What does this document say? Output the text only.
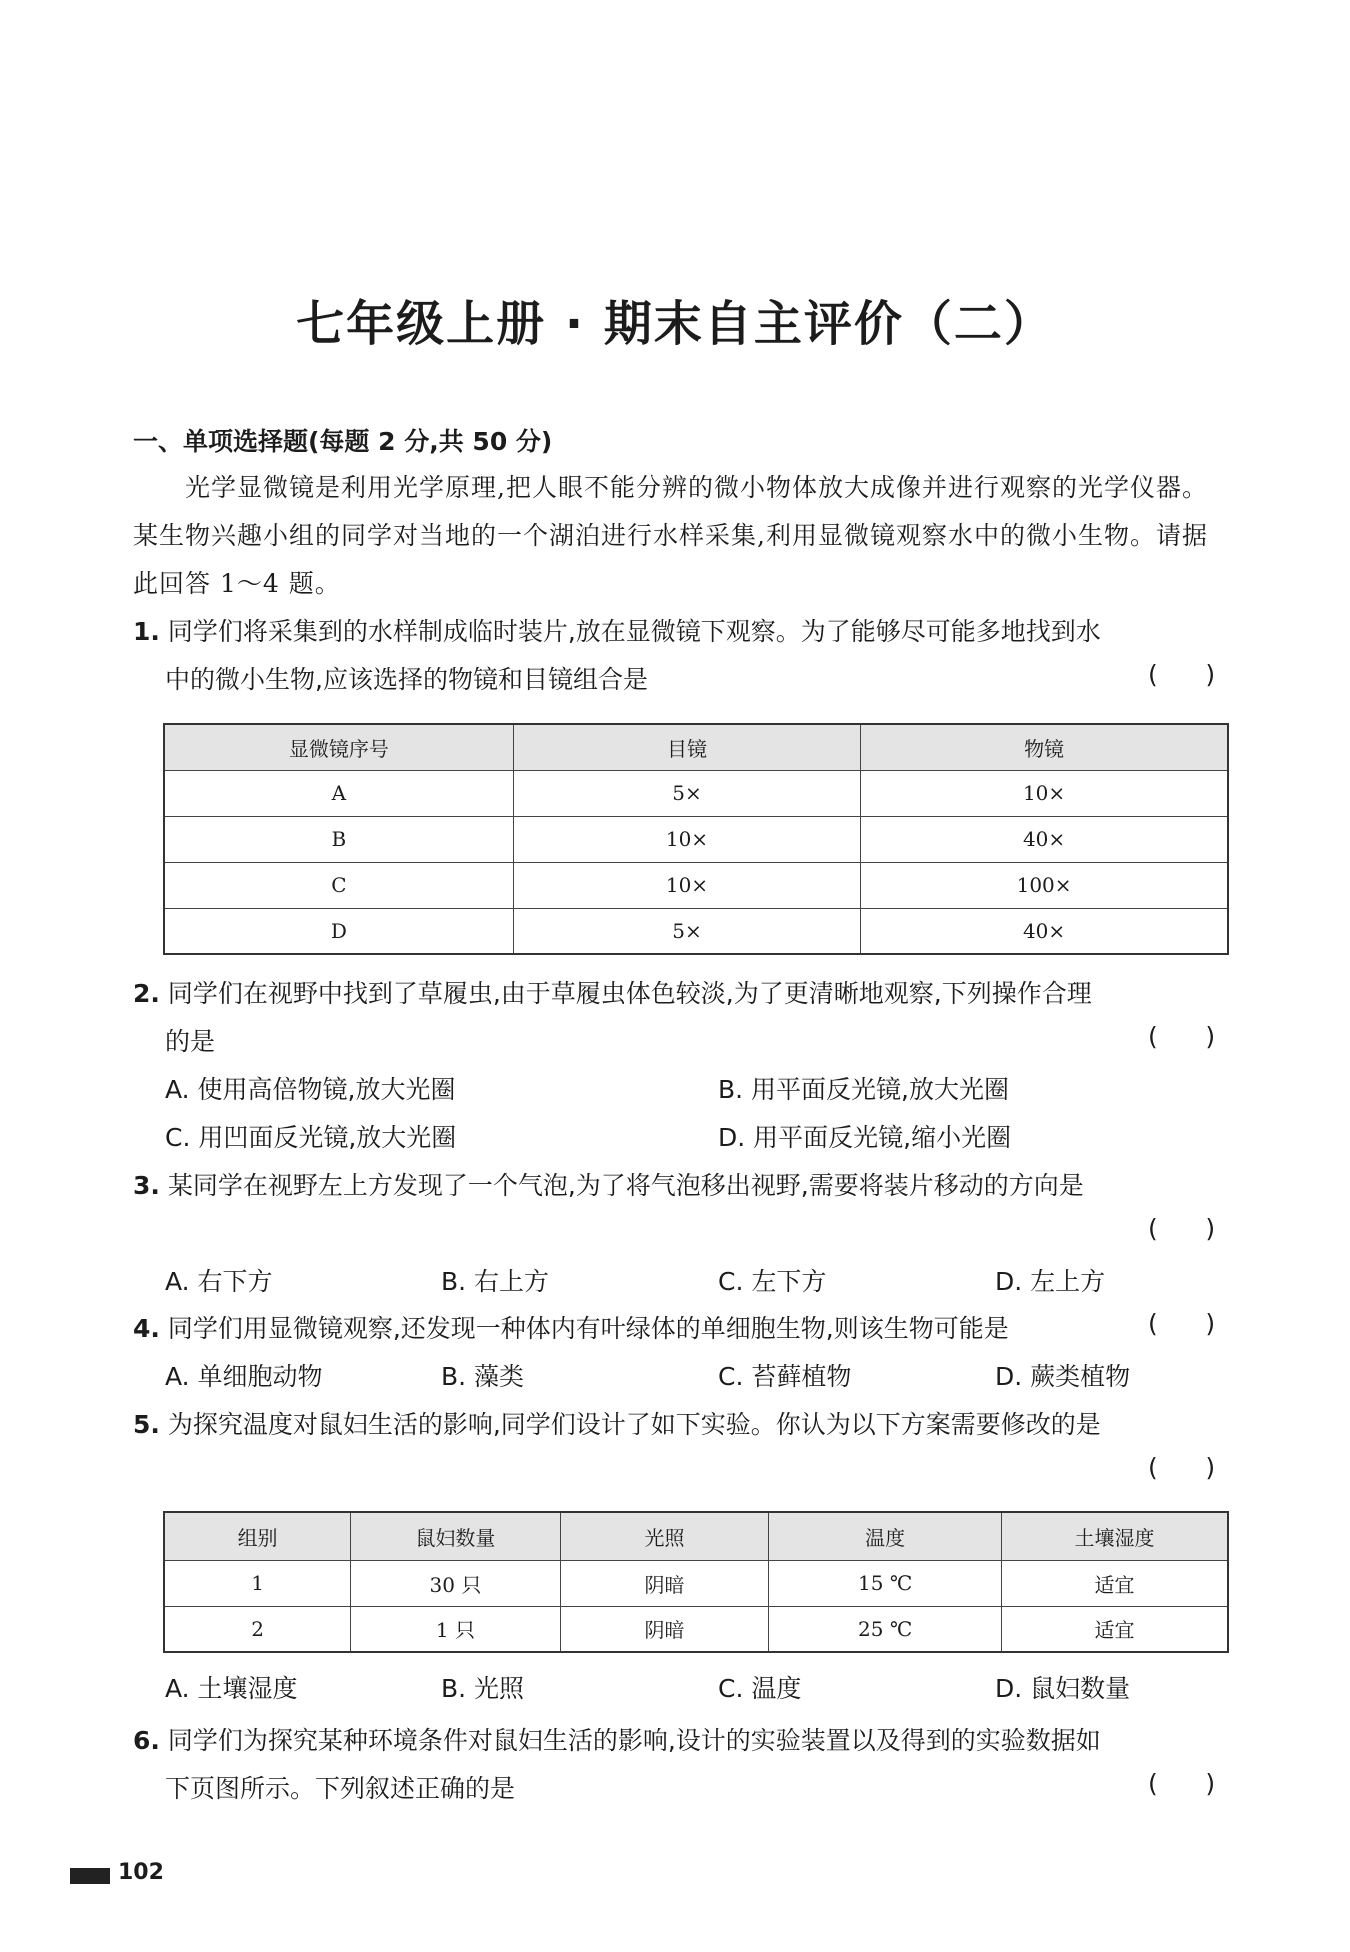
七年级上册 · 期末自主评价（二）
一、单项选择题(每题 2 分,共 50 分)
光学显微镜是利用光学原理,把人眼不能分辨的微小物体放大成像并进行观察的光学仪器。某生物兴趣小组的同学对当地的一个湖泊进行水样采集,利用显微镜观察水中的微小生物。请据此回答 1～4 题。
1. 同学们将采集到的水样制成临时装片,放在显微镜下观察。为了能够尽可能多地找到水
中的微小生物,应该选择的物镜和目镜组合是	(      )
显微镜序号	目镜	物镜
A	5×	10×
B	10×	40×
C	10×	100×
D	5×	40×
2. 同学们在视野中找到了草履虫,由于草履虫体色较淡,为了更清晰地观察,下列操作合理
的是	(      )
A. 使用高倍物镜,放大光圈	B. 用平面反光镜,放大光圈
C. 用凹面反光镜,放大光圈	D. 用平面反光镜,缩小光圈
3. 某同学在视野左上方发现了一个气泡,为了将气泡移出视野,需要将装片移动的方向是
(      )
A. 右下方	B. 右上方	C. 左下方	D. 左上方
4. 同学们用显微镜观察,还发现一种体内有叶绿体的单细胞生物,则该生物可能是	(      )
A. 单细胞动物	B. 藻类	C. 苔藓植物	D. 蕨类植物
5. 为探究温度对鼠妇生活的影响,同学们设计了如下实验。你认为以下方案需要修改的是
(      )
组别	鼠妇数量	光照	温度	土壤湿度
1	30 只	阴暗	15 ℃	适宜
2	1 只	阴暗	25 ℃	适宜
A. 土壤湿度	B. 光照	C. 温度	D. 鼠妇数量
6. 同学们为探究某种环境条件对鼠妇生活的影响,设计的实验装置以及得到的实验数据如
下页图所示。下列叙述正确的是	(      )
102
